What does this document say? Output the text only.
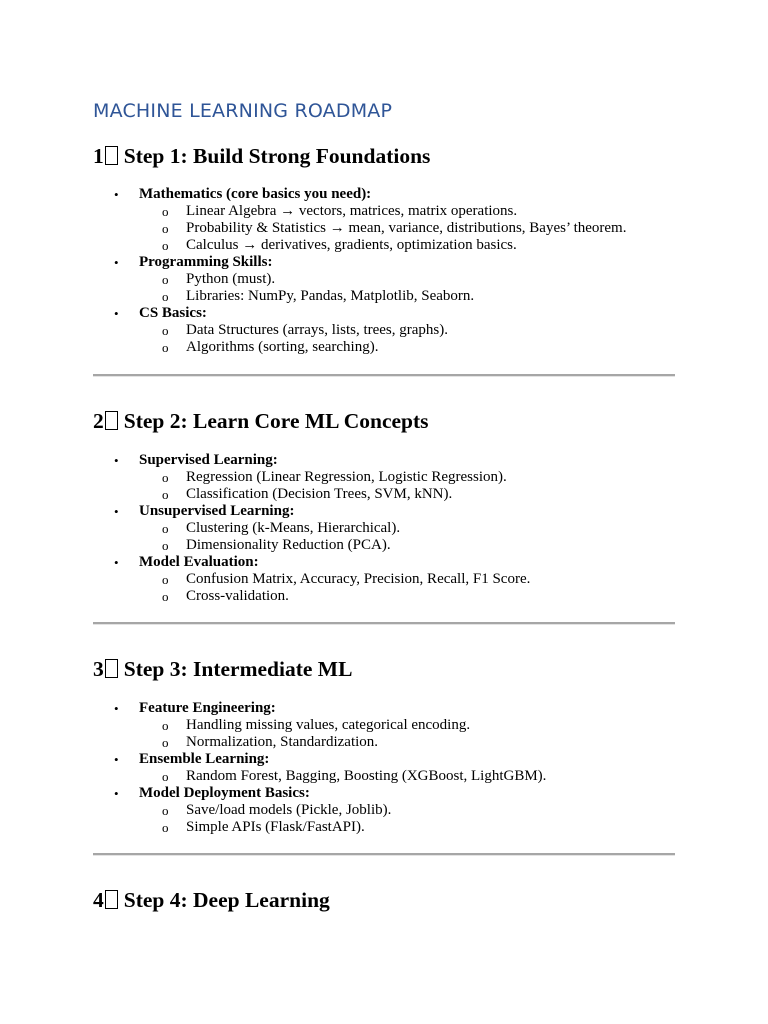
MACHINE LEARNING ROADMAP
1 Step 1: Build Strong Foundations
• Mathematics (core basics you need):
o Linear Algebra → vectors, matrices, matrix operations.
o Probability & Statistics → mean, variance, distributions, Bayes’ theorem.
o Calculus → derivatives, gradients, optimization basics.
• Programming Skills:
o Python (must).
o Libraries: NumPy, Pandas, Matplotlib, Seaborn.
• CS Basics:
o Data Structures (arrays, lists, trees, graphs).
o Algorithms (sorting, searching).
2 Step 2: Learn Core ML Concepts
• Supervised Learning:
o Regression (Linear Regression, Logistic Regression).
o Classification (Decision Trees, SVM, kNN).
• Unsupervised Learning:
o Clustering (k-Means, Hierarchical).
o Dimensionality Reduction (PCA).
• Model Evaluation:
o Confusion Matrix, Accuracy, Precision, Recall, F1 Score.
o Cross-validation.
3 Step 3: Intermediate ML
• Feature Engineering:
o Handling missing values, categorical encoding.
o Normalization, Standardization.
• Ensemble Learning:
o Random Forest, Bagging, Boosting (XGBoost, LightGBM).
• Model Deployment Basics:
o Save/load models (Pickle, Joblib).
o Simple APIs (Flask/FastAPI).
4 Step 4: Deep Learning
